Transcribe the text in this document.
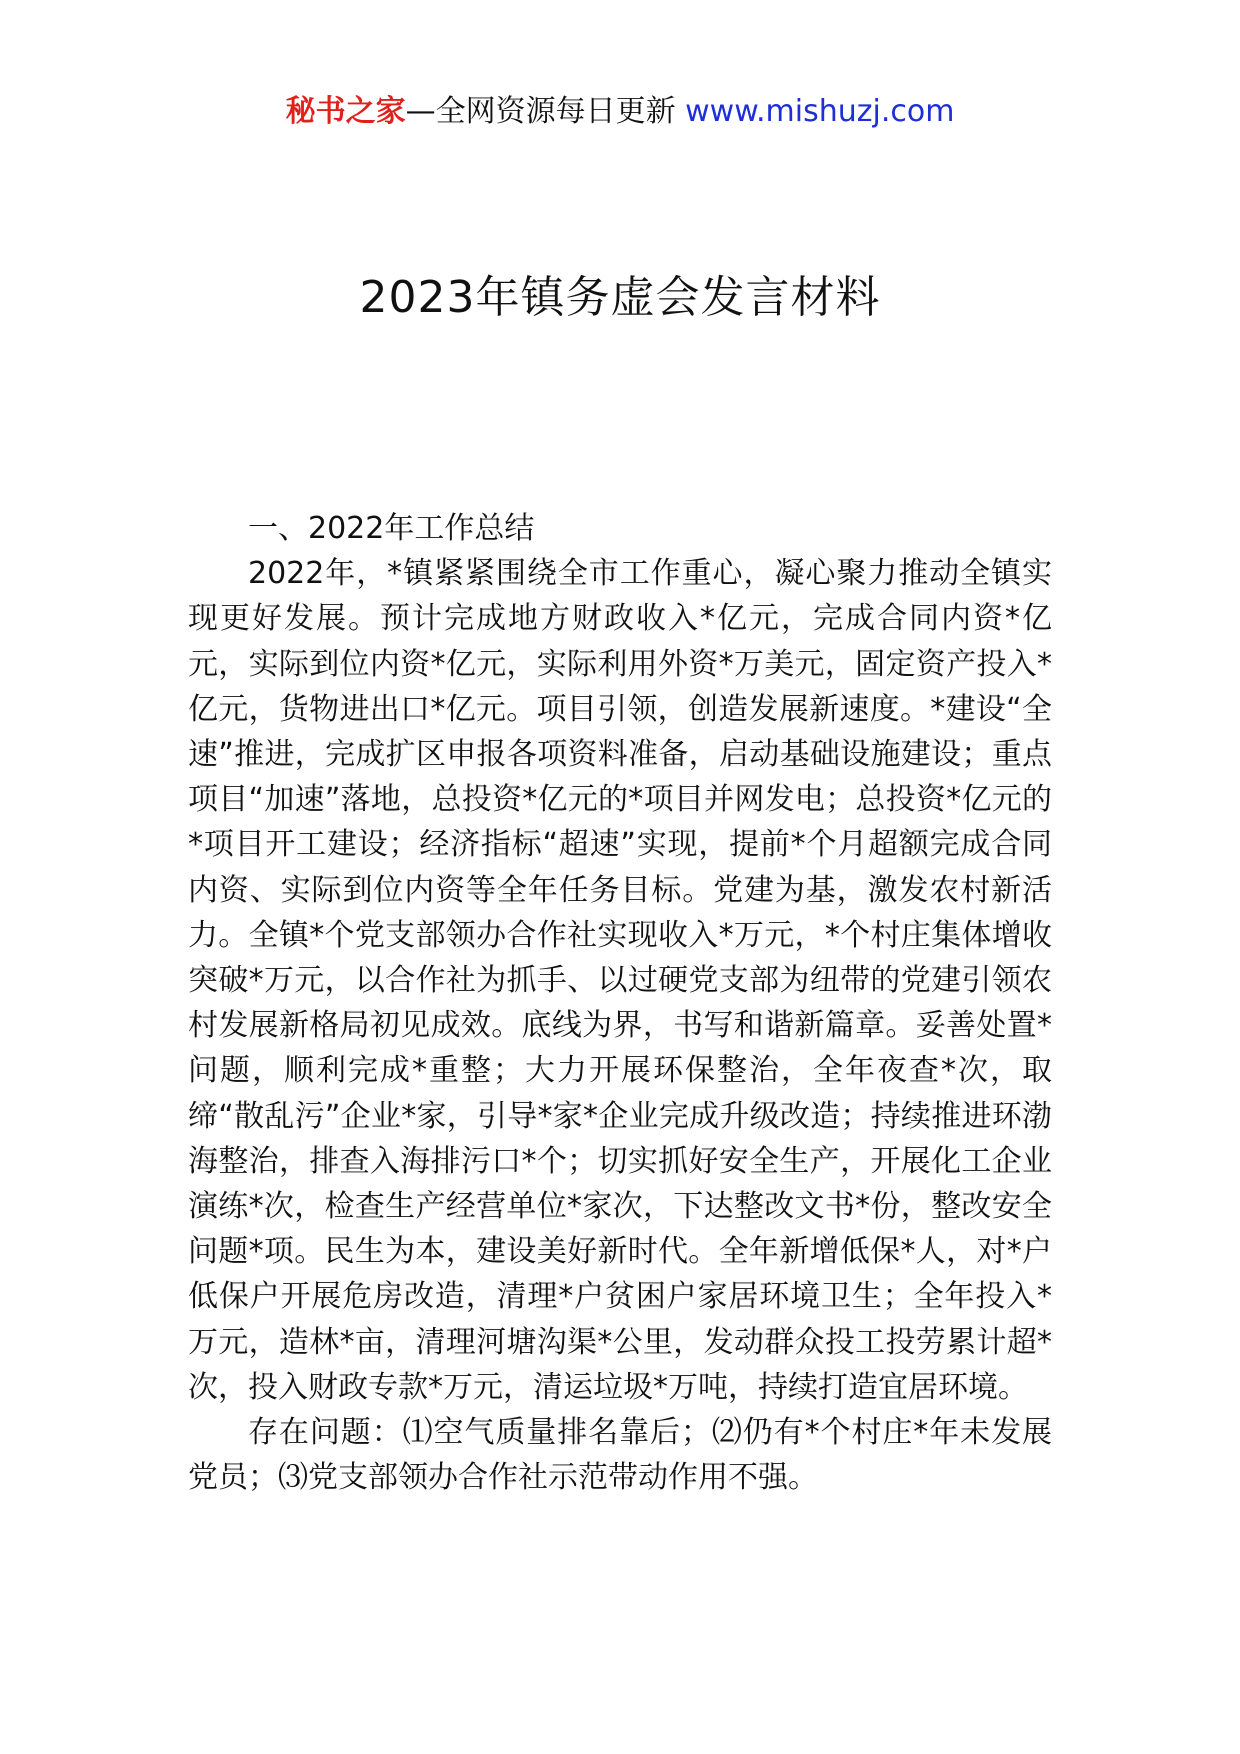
秘书之家—全网资源每日更新 www.mishuzj.com
2023年镇务虚会发言材料

一、2022年工作总结

2022年，*镇紧紧围绕全市工作重心，凝心聚力推动全镇实现更好发展。预计完成地方财政收入*亿元，完成合同内资*亿元，实际到位内资*亿元，实际利用外资*万美元，固定资产投入*亿元，货物进出口*亿元。项目引领，创造发展新速度。*建设“全速”推进，完成扩区申报各项资料准备，启动基础设施建设；重点项目“加速”落地，总投资*亿元的*项目并网发电；总投资*亿元的*项目开工建设；经济指标“超速”实现，提前*个月超额完成合同内资、实际到位内资等全年任务目标。党建为基，激发农村新活力。全镇*个党支部领办合作社实现收入*万元，*个村庄集体增收突破*万元，以合作社为抓手、以过硬党支部为纽带的党建引领农村发展新格局初见成效。底线为界，书写和谐新篇章。妥善处置*问题，顺利完成*重整；大力开展环保整治，全年夜查*次，取缔“散乱污”企业*家，引导*家*企业完成升级改造；持续推进环渤海整治，排查入海排污口*个；切实抓好安全生产，开展化工企业演练*次，检查生产经营单位*家次，下达整改文书*份，整改安全问题*项。民生为本，建设美好新时代。全年新增低保*人，对*户低保户开展危房改造，清理*户贫困户家居环境卫生；全年投入*万元，造林*亩，清理河塘沟渠*公里，发动群众投工投劳累计超*次，投入财政专款*万元，清运垃圾*万吨，持续打造宜居环境。

存在问题：⑴空气质量排名靠后；⑵仍有*个村庄*年未发展党员；⑶党支部领办合作社示范带动作用不强。
